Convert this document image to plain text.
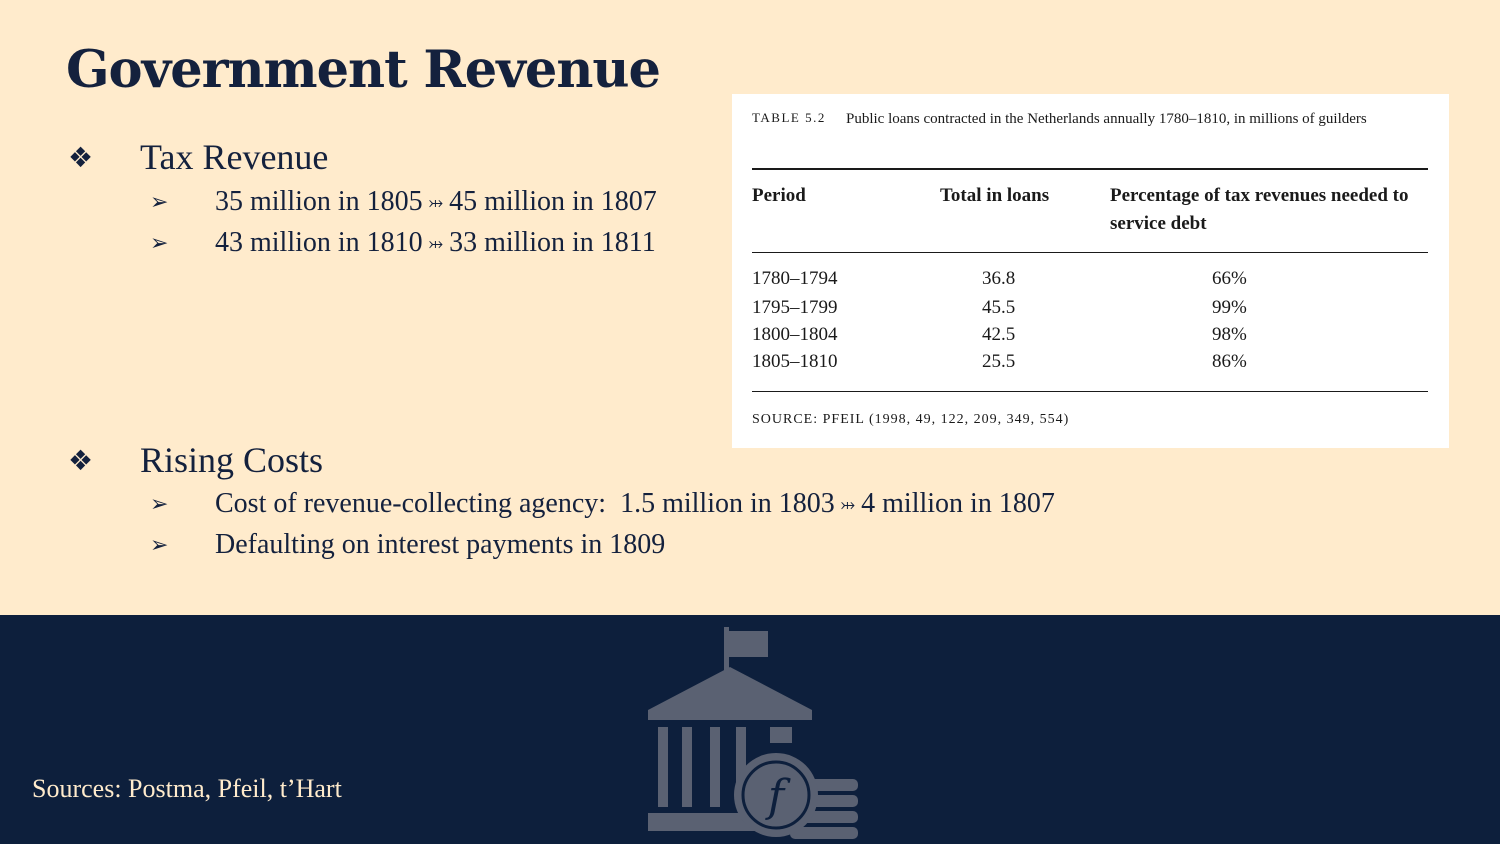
Government Revenue
❖	Tax Revenue
➢	35 million in 1805 ⤔ 45 million in 1807
➢	43 million in 1810 ⤔ 33 million in 1811
❖	Rising Costs
➢	Cost of revenue-collecting agency:  1.5 million in 1803 ⤔ 4 million in 1807
➢	Defaulting on interest payments in 1809
TABLE 5.2	Public loans contracted in the Netherlands annually 1780–1810, in millions of guilders
Period	Total in loans	Percentage of tax revenues needed to service debt
1780–1794	36.8	66%
1795–1799	45.5	99%
1800–1804	42.5	98%
1805–1810	25.5	86%
SOURCE: PFEIL (1998, 49, 122, 209, 349, 554)
Sources: Postma, Pfeil, t’Hart	f
